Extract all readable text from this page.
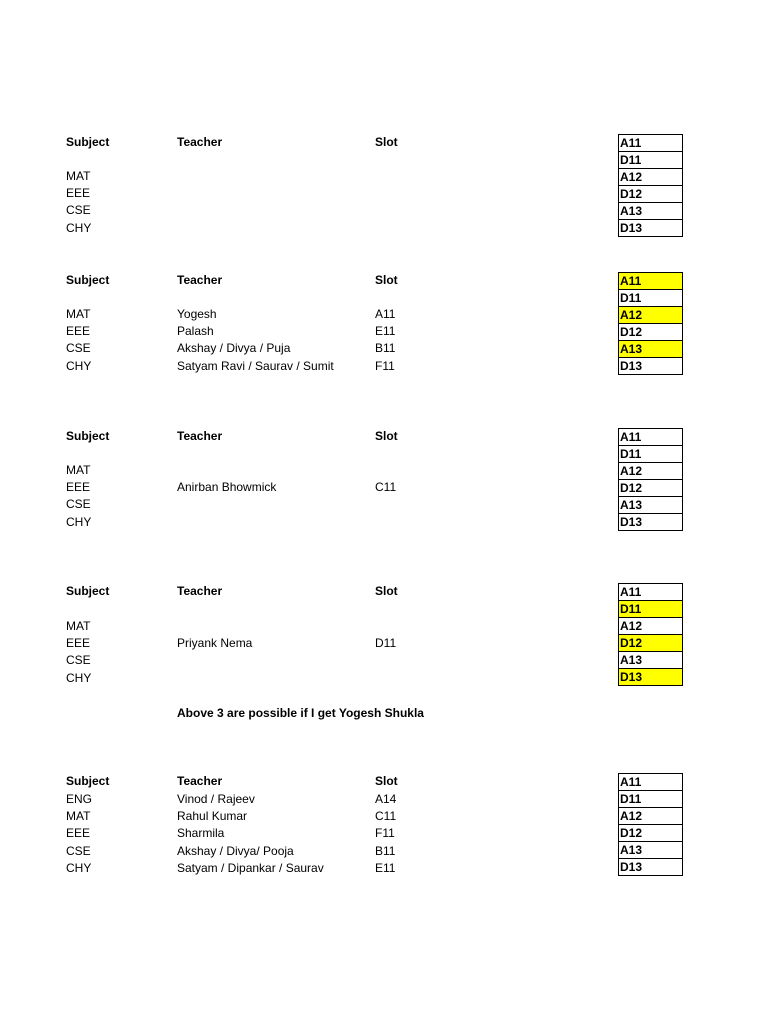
Subject	Teacher	Slot
MAT
EEE
CSE
CHY
A11
D11
A12
D12
A13
D13
Subject	Teacher	Slot
MAT	Yogesh	A11
EEE	Palash	E11
CSE	Akshay / Divya / Puja	B11
CHY	Satyam Ravi / Saurav / Sumit	F11
A11
D11
A12
D12
A13
D13
Subject	Teacher	Slot
MAT
EEE	Anirban Bhowmick	C11
CSE
CHY
A11
D11
A12
D12
A13
D13
Subject	Teacher	Slot
MAT
EEE	Priyank Nema	D11
CSE
CHY
A11
D11
A12
D12
A13
D13
Subject	Teacher	Slot
ENG	Vinod / Rajeev	A14
MAT	Rahul Kumar	C11
EEE	Sharmila	F11
CSE	Akshay / Divya/ Pooja	B11
CHY	Satyam / Dipankar / Saurav	E11
A11
D11
A12
D12
A13
D13
Above 3 are possible if I get Yogesh Shukla
